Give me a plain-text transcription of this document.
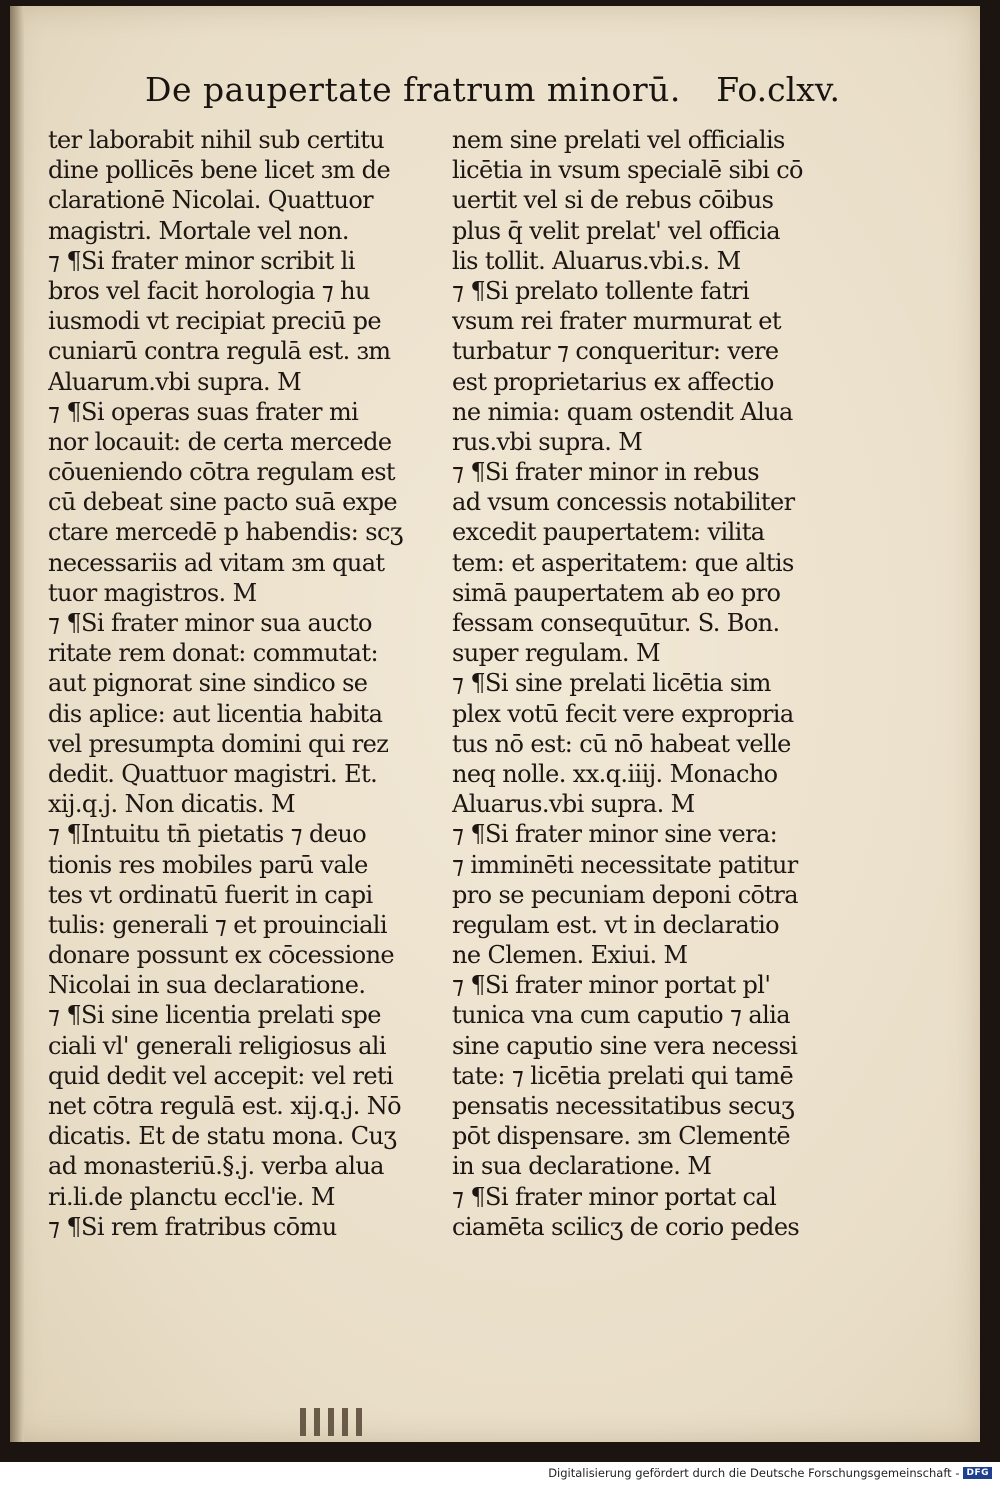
De paupertate fratrum minorū.	Fo.clxv.
ter laborabit nihil sub certitu
dine pollicēs bene licet ɜm de
clarationē Nicolai. Quattuor
magistri. Mortale vel non.
⁊ ¶Si frater minor scribit li
bros vel facit horologia ⁊ hu
iusmodi vt recipiat preciū pe
cuniarū contra regulā est. ɜm
Aluarum.vbi supra. M
⁊ ¶Si operas suas frater mi
nor locauit: de certa mercede
cōueniendo cōtra regulam est
cū debeat sine pacto suā expe
ctare mercedē p habendis: scʒ
necessariis ad vitam ɜm quat
tuor magistros. M
⁊ ¶Si frater minor sua aucto
ritate rem donat: commutat:
aut pignorat sine sindico se
dis aplice: aut licentia habita
vel presumpta domini qui rez
dedit. Quattuor magistri. Et.
xij.q.j. Non dicatis. M
⁊ ¶Intuitu tn̄ pietatis ⁊ deuo
tionis res mobiles parū vale
tes vt ordinatū fuerit in capi
tulis: generali ⁊ et prouinciali
donare possunt ex cōcessione
Nicolai in sua declaratione.
⁊ ¶Si sine licentia prelati spe
ciali vl' generali religiosus ali
quid dedit vel accepit: vel reti
net cōtra regulā est. xij.q.j. Nō
dicatis. Et de statu mona. Cuʒ
ad monasteriū.§.j. verba alua
ri.li.de planctu eccl'ie. M
⁊ ¶Si rem fratribus cōmu
nem sine prelati vel officialis
licētia in vsum specialē sibi cō
uertit vel si de rebus cōibus
plus q̄ velit prelat' vel officia
lis tollit. Aluarus.vbi.s. M
⁊ ¶Si prelato tollente fatri
vsum rei frater murmurat et
turbatur ⁊ conqueritur: vere
est proprietarius ex affectio
ne nimia: quam ostendit Alua
rus.vbi supra. M
⁊ ¶Si frater minor in rebus
ad vsum concessis notabiliter
excedit paupertatem: vilita
tem: et asperitatem: que altis
simā paupertatem ab eo pro
fessam consequūtur. S. Bon.
super regulam. M
⁊ ¶Si sine prelati licētia sim
plex votū fecit vere expropria
tus nō est: cū nō habeat velle
neq nolle. xx.q.iiij. Monacho
Aluarus.vbi supra. M
⁊ ¶Si frater minor sine vera:
⁊ imminēti necessitate patitur
pro se pecuniam deponi cōtra
regulam est. vt in declaratio
ne Clemen. Exiui. M
⁊ ¶Si frater minor portat pl'
tunica vna cum caputio ⁊ alia
sine caputio sine vera necessi
tate: ⁊ licētia prelati qui tamē
pensatis necessitatibus secuʒ
pōt dispensare. ɜm Clementē
in sua declaratione. M
⁊ ¶Si frater minor portat cal
ciamēta scilicʒ de corio pedes
Digitalisierung gefördert durch die Deutsche Forschungsgemeinschaft - DFG
